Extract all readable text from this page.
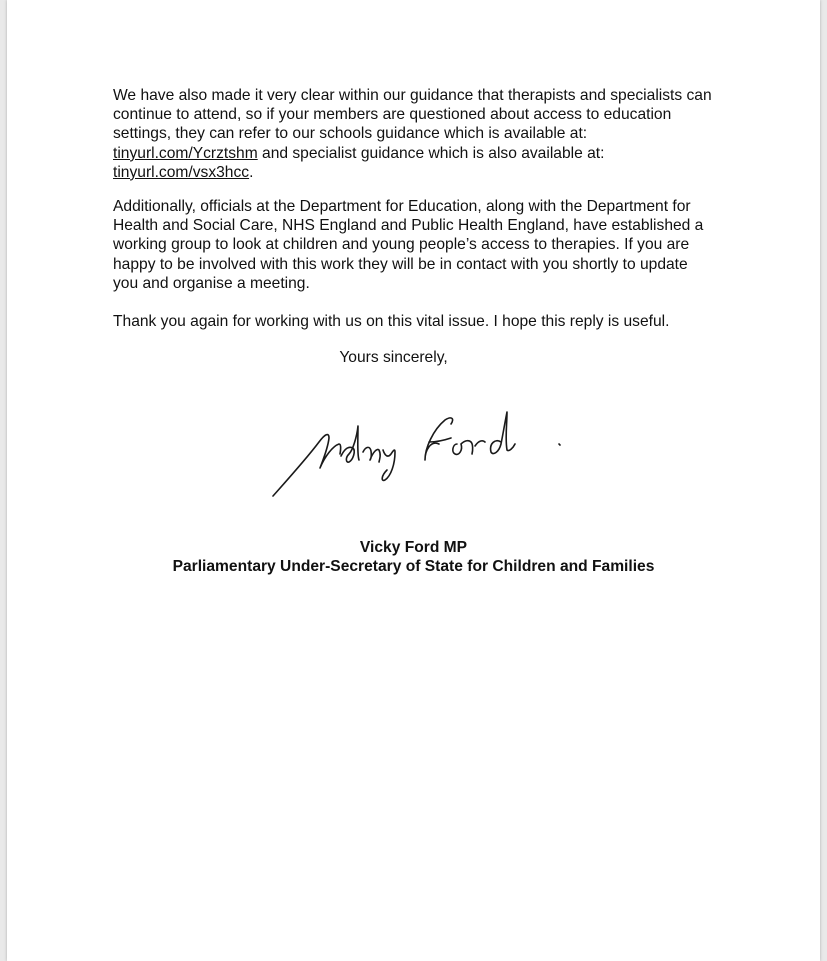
We have also made it very clear within our guidance that therapists and specialists can continue to attend, so if your members are questioned about access to education settings, they can refer to our schools guidance which is available at: tinyurl.com/Ycrztshm and specialist guidance which is also available at: tinyurl.com/vsx3hcc.

Additionally, officials at the Department for Education, along with the Department for Health and Social Care, NHS England and Public Health England, have established a working group to look at children and young people’s access to therapies. If you are happy to be involved with this work they will be in contact with you shortly to update you and organise a meeting.

Thank you again for working with us on this vital issue. I hope this reply is useful.

Yours sincerely,
Vicky Ford MP
Parliamentary Under-Secretary of State for Children and Families
